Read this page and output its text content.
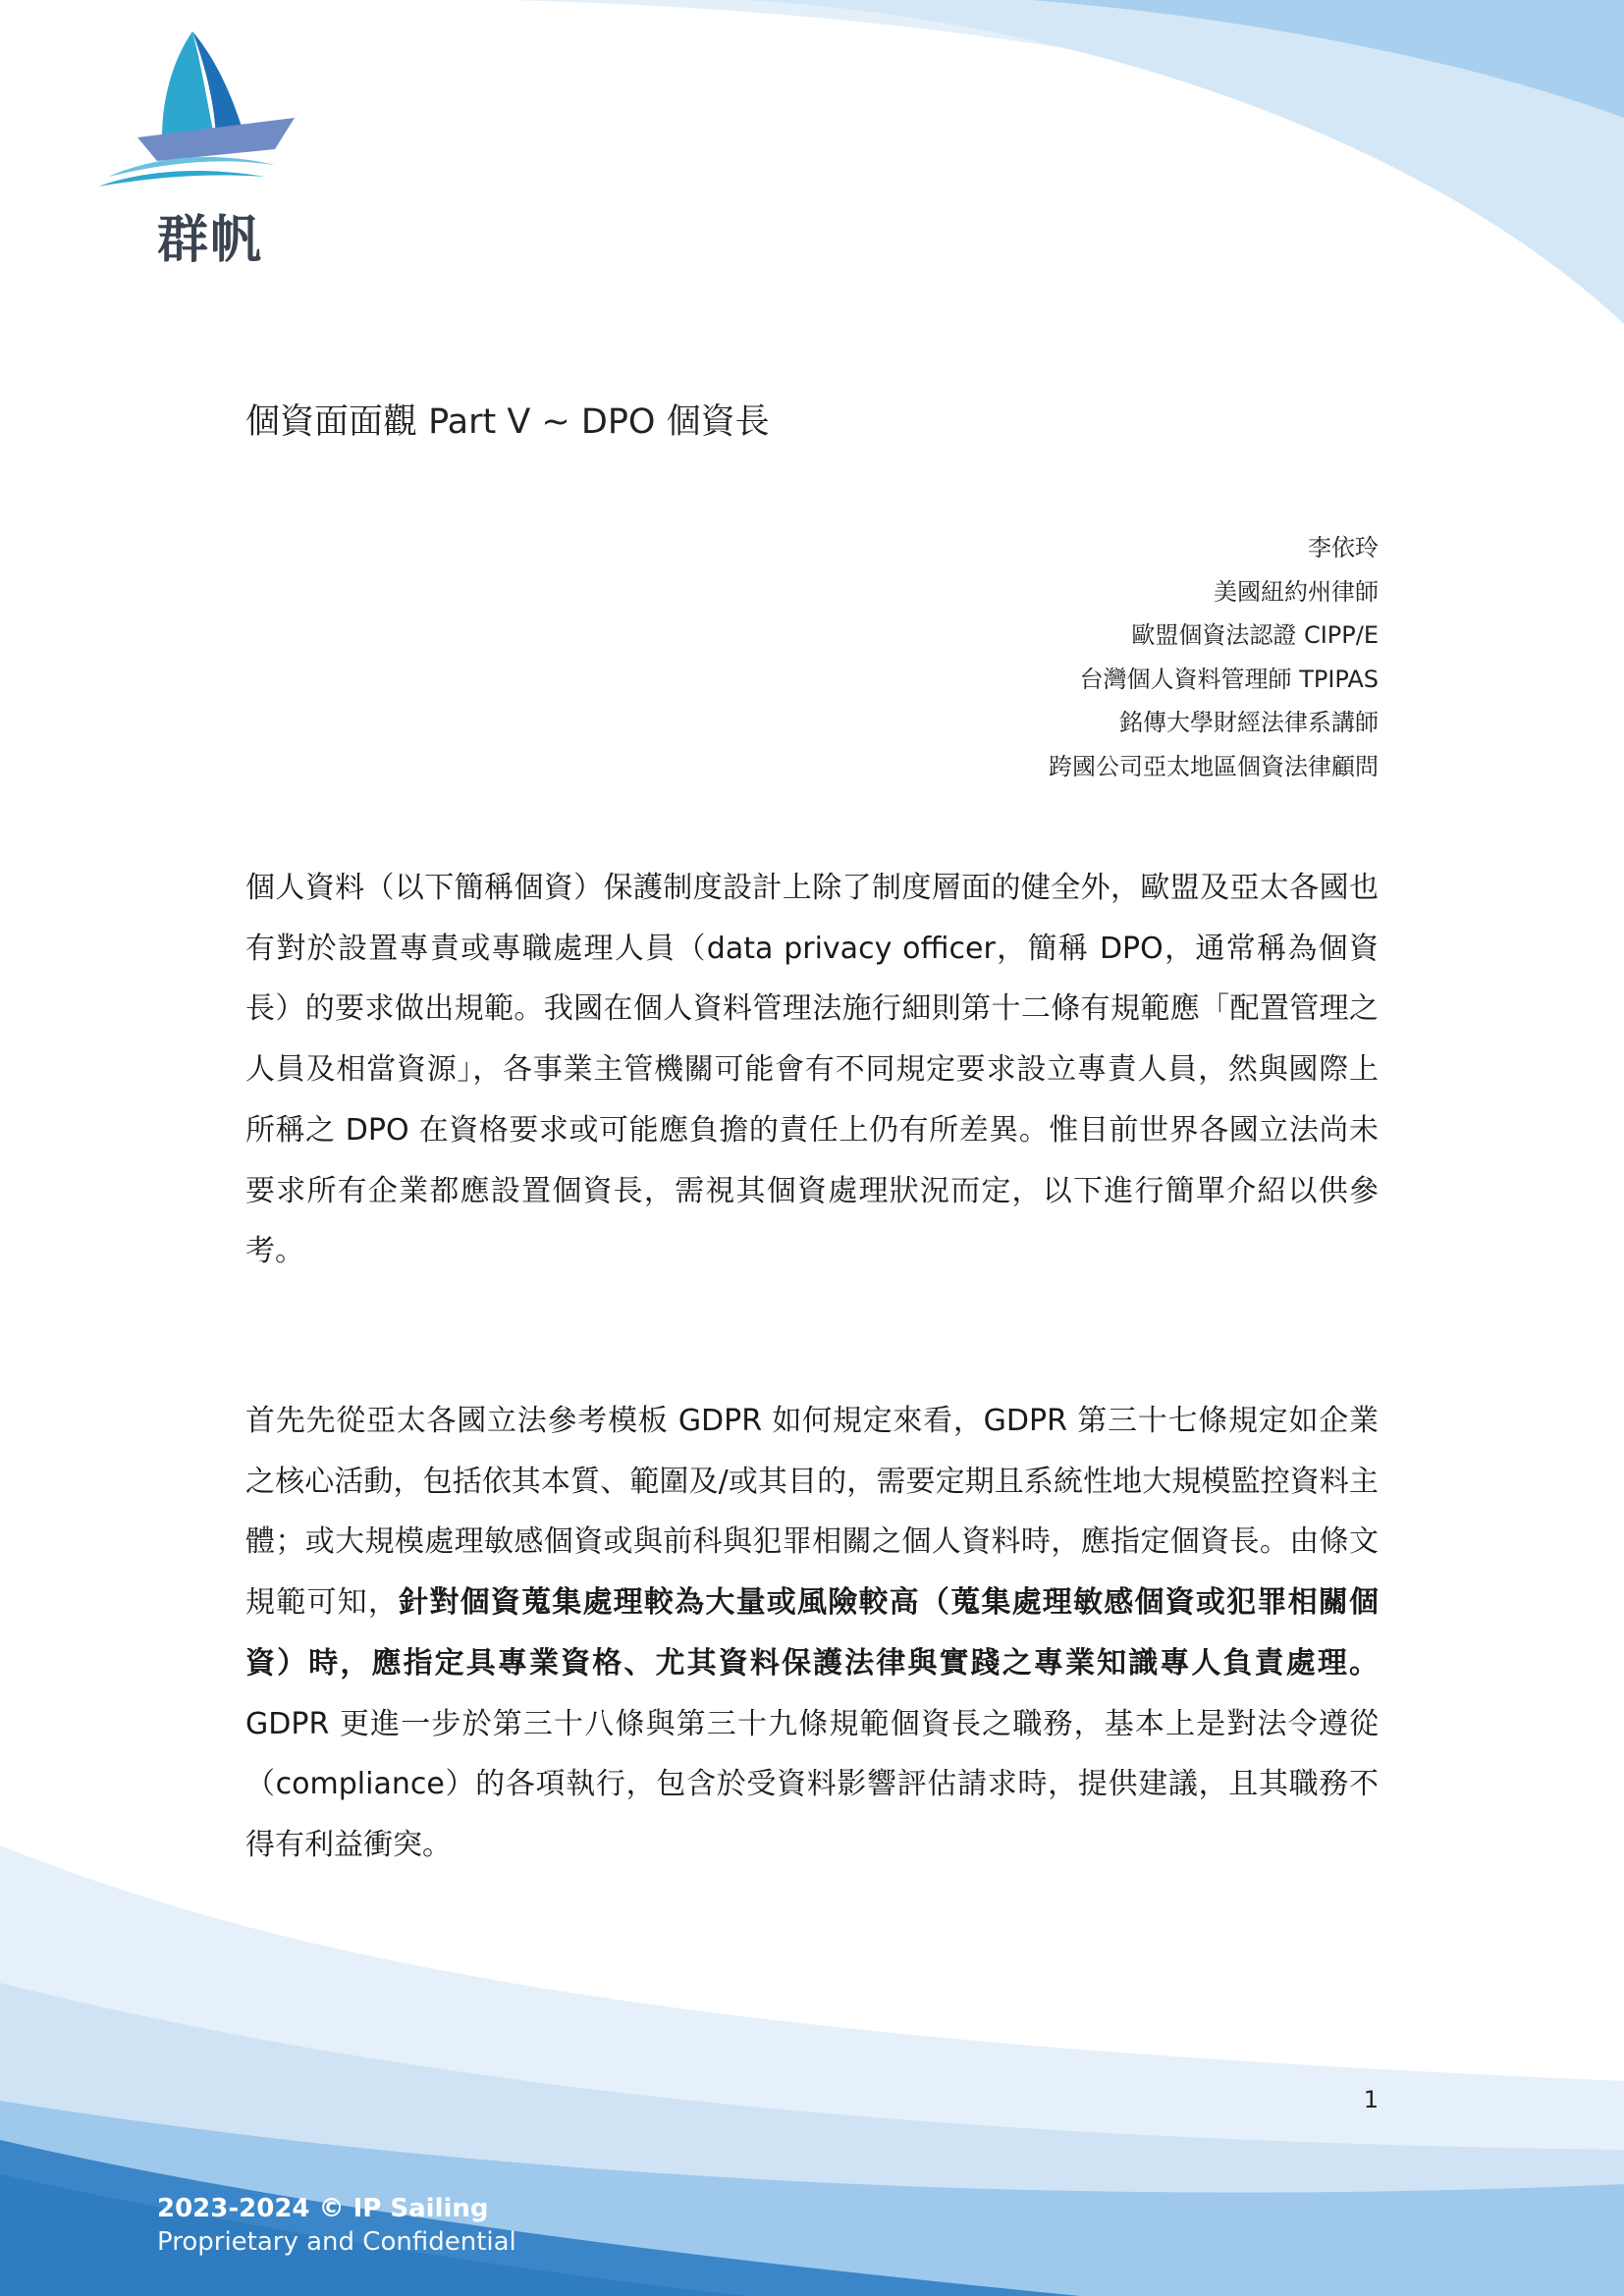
群帆
個資面面觀 Part V ~ DPO 個資長
李依玲
美國紐約州律師
歐盟個資法認證 CIPP/E
台灣個人資料管理師 TPIPAS
銘傳大學財經法律系講師
跨國公司亞太地區個資法律顧問

個人資料（以下簡稱個資）保護制度設計上除了制度層面的健全外，歐盟及亞太各國也有對於設置專責或專職處理人員（data privacy officer，簡稱 DPO，通常稱為個資長）的要求做出規範。我國在個人資料管理法施行細則第十二條有規範應「配置管理之人員及相當資源」，各事業主管機關可能會有不同規定要求設立專責人員，然與國際上所稱之 DPO 在資格要求或可能應負擔的責任上仍有所差異。惟目前世界各國立法尚未要求所有企業都應設置個資長，需視其個資處理狀況而定，以下進行簡單介紹以供參考。

首先先從亞太各國立法參考模板 GDPR 如何規定來看，GDPR 第三十七條規定如企業之核心活動，包括依其本質、範圍及/或其目的，需要定期且系統性地大規模監控資料主體；或大規模處理敏感個資或與前科與犯罪相關之個人資料時，應指定個資長。由條文規範可知，針對個資蒐集處理較為大量或風險較高（蒐集處理敏感個資或犯罪相關個資）時，應指定具專業資格、尤其資料保護法律與實踐之專業知識專人負責處理。GDPR 更進一步於第三十八條與第三十九條規範個資長之職務，基本上是對法令遵從（compliance）的各項執行，包含於受資料影響評估請求時，提供建議，且其職務不得有利益衝突。

1
2023-2024 © IP Sailing
Proprietary and Confidential
